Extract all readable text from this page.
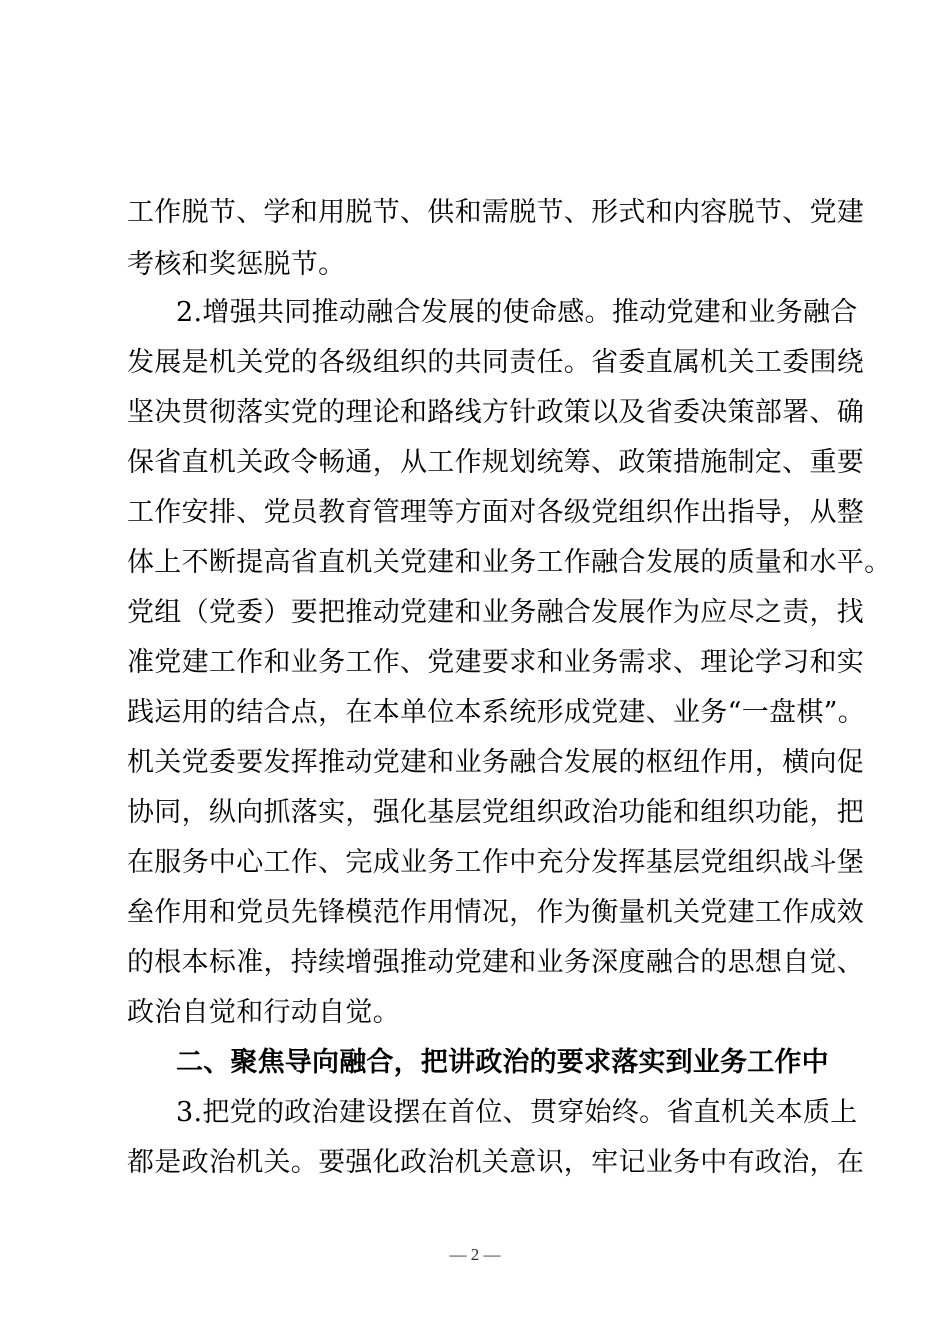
工作脱节、学和用脱节、供和需脱节、形式和内容脱节、党建
考核和奖惩脱节。
2.增强共同推动融合发展的使命感。推动党建和业务融合
发展是机关党的各级组织的共同责任。省委直属机关工委围绕
坚决贯彻落实党的理论和路线方针政策以及省委决策部署、确
保省直机关政令畅通，从工作规划统筹、政策措施制定、重要
工作安排、党员教育管理等方面对各级党组织作出指导，从整
体上不断提高省直机关党建和业务工作融合发展的质量和水平。
党组（党委）要把推动党建和业务融合发展作为应尽之责，找
准党建工作和业务工作、党建要求和业务需求、理论学习和实
践运用的结合点，在本单位本系统形成党建、业务“一盘棋”。
机关党委要发挥推动党建和业务融合发展的枢纽作用，横向促
协同，纵向抓落实，强化基层党组织政治功能和组织功能，把
在服务中心工作、完成业务工作中充分发挥基层党组织战斗堡
垒作用和党员先锋模范作用情况，作为衡量机关党建工作成效
的根本标准，持续增强推动党建和业务深度融合的思想自觉、
政治自觉和行动自觉。
二、聚焦导向融合，把讲政治的要求落实到业务工作中
3.把党的政治建设摆在首位、贯穿始终。省直机关本质上
都是政治机关。要强化政治机关意识，牢记业务中有政治，在
— 2 —
